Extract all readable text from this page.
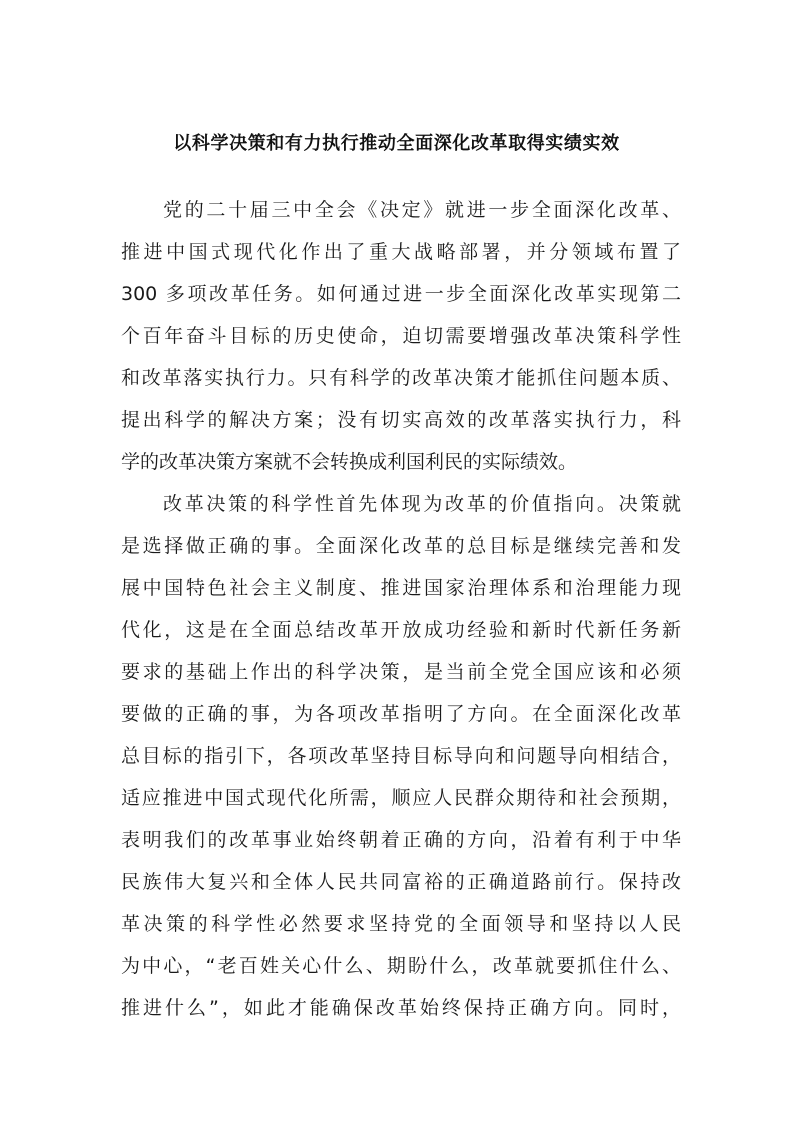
以科学决策和有力执行推动全面深化改革取得实绩实效
党的二十届三中全会《决定》就进一步全面深化改革、
推进中国式现代化作出了重大战略部署，并分领域布置了
300 多项改革任务。如何通过进一步全面深化改革实现第二
个百年奋斗目标的历史使命，迫切需要增强改革决策科学性
和改革落实执行力。只有科学的改革决策才能抓住问题本质、
提出科学的解决方案；没有切实高效的改革落实执行力，科
学的改革决策方案就不会转换成利国利民的实际绩效。
改革决策的科学性首先体现为改革的价值指向。决策就
是选择做正确的事。全面深化改革的总目标是继续完善和发
展中国特色社会主义制度、推进国家治理体系和治理能力现
代化，这是在全面总结改革开放成功经验和新时代新任务新
要求的基础上作出的科学决策，是当前全党全国应该和必须
要做的正确的事，为各项改革指明了方向。在全面深化改革
总目标的指引下，各项改革坚持目标导向和问题导向相结合，
适应推进中国式现代化所需，顺应人民群众期待和社会预期，
表明我们的改革事业始终朝着正确的方向，沿着有利于中华
民族伟大复兴和全体人民共同富裕的正确道路前行。保持改
革决策的科学性必然要求坚持党的全面领导和坚持以人民
为中心，“老百姓关心什么、期盼什么，改革就要抓住什么、
推进什么”，如此才能确保改革始终保持正确方向。同时，
